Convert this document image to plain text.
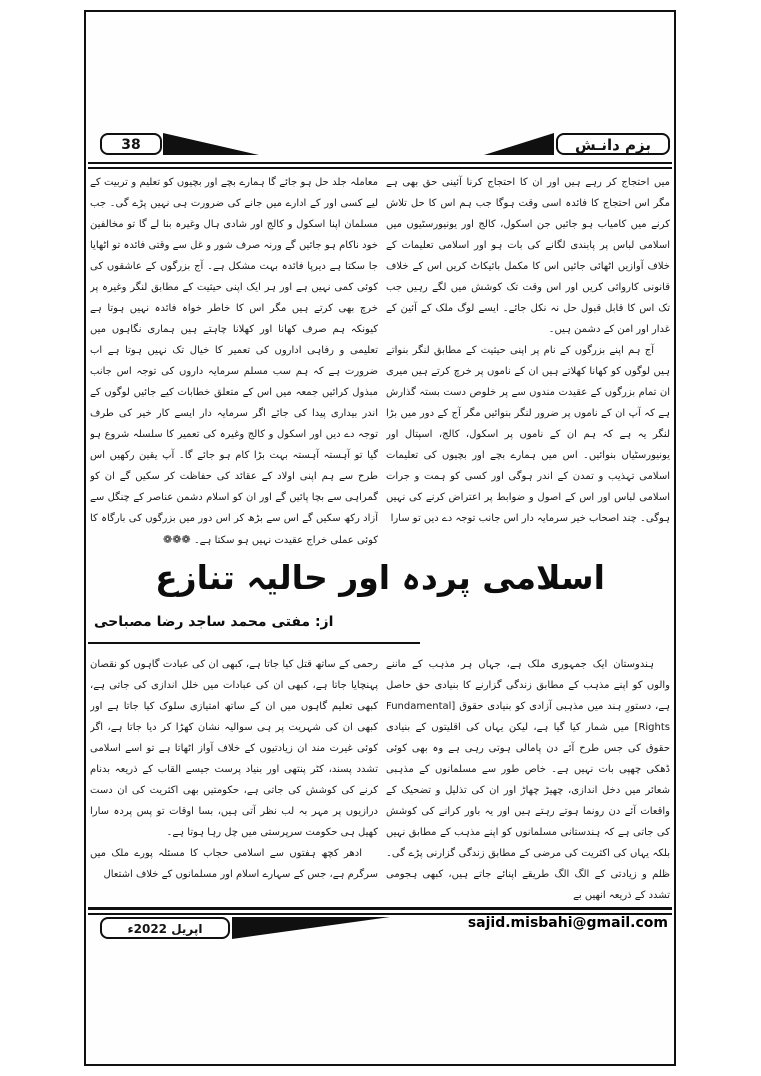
38	بزم دانـش

میں احتجاج کر رہے ہیں اور ان کا احتجاج کرنا آئینی حق بھی ہے مگر اس احتجاج کا فائدہ اسی وقت ہوگا جب ہم اس کا حل تلاش کرنے میں کامیاب ہو جائیں جن اسکول، کالج اور یونیورسٹیوں میں اسلامی لباس پر پابندی لگانے کی بات ہو اور اسلامی تعلیمات کے خلاف آوازیں اٹھائی جائیں اس کا مکمل بائیکاٹ کریں اس کے خلاف قانونی کاروائی کریں اور اس وقت تک کوشش میں لگے رہیں جب تک اس کا قابل قبول حل نہ نکل جائے۔ ایسے لوگ ملک کے آئین کے غدار اور امن کے دشمن ہیں۔

آج ہم اپنے بزرگوں کے نام پر اپنی حیثیت کے مطابق لنگر بنواتے ہیں لوگوں کو کھانا کھلاتے ہیں ان کے ناموں پر خرچ کرتے ہیں میری ان تمام بزرگوں کے عقیدت مندوں سے پر خلوص دست بستہ گذارش ہے کہ آپ ان کے ناموں پر ضرور لنگر بنوائیں مگر آج کے دور میں بڑا لنگر یہ ہے کہ ہم ان کے ناموں پر اسکول، کالج، اسپتال اور یونیورسٹیاں بنوائیں۔ اس میں ہمارے بچے اور بچیوں کی تعلیمات اسلامی تہذیب و تمدن کے اندر ہوگی اور کسی کو ہمت و جرات اسلامی لباس اور اس کے اصول و ضوابط پر اعتراض کرنے کی نہیں ہوگی۔ چند اصحاب خیر سرمایہ دار اس جانب توجہ دے دیں تو سارا

معاملہ جلد حل ہو جائے گا ہمارے بچے اور بچیوں کو تعلیم و تربیت کے لیے کسی اور کے ادارے میں جانے کی ضرورت ہی نہیں پڑے گی۔ جب مسلمان اپنا اسکول و کالج اور شادی ہال وغیرہ بنا لے گا تو مخالفین خود ناکام ہو جائیں گے ورنہ صرف شور و غل سے وقتی فائدہ تو اٹھایا جا سکتا ہے دیرپا فائدہ بہت مشکل ہے۔ آج بزرگوں کے عاشقوں کی کوئی کمی نہیں ہے اور ہر ایک اپنی حیثیت کے مطابق لنگر وغیرہ پر خرچ بھی کرتے ہیں مگر اس کا خاطر خواہ فائدہ نہیں ہوتا ہے کیونکہ ہم صرف کھانا اور کھلانا چاہتے ہیں ہماری نگاہوں میں تعلیمی و رفاہی اداروں کی تعمیر کا خیال تک نہیں ہوتا ہے اب ضرورت ہے کہ ہم سب مسلم سرمایہ داروں کی توجہ اس جانب مبذول کرائیں جمعہ میں اس کے متعلق خطابات کیے جائیں لوگوں کے اندر بیداری پیدا کی جائے اگر سرمایہ دار ایسے کار خیر کی طرف توجہ دے دیں اور اسکول و کالج وغیرہ کی تعمیر کا سلسلہ شروع ہو گیا تو آہستہ آہستہ بہت بڑا کام ہو جائے گا۔ آپ یقین رکھیں اس طرح سے ہم اپنی اولاد کے عقائد کی حفاظت کر سکیں گے ان کو گمراہی سے بچا پائیں گے اور ان کو اسلام دشمن عناصر کے چنگل سے آزاد رکھ سکیں گے اس سے بڑھ کر اس دور میں بزرگوں کی بارگاہ کا کوئی عملی خراج عقیدت نہیں ہو سکتا ہے۔ ❁❁❁

اسلامی پردہ اور حالیہ تنازع
از: مفتی محمد ساجد رضا مصباحی

ہندوستان ایک جمہوری ملک ہے، جہاں ہر مذہب کے ماننے والوں کو اپنے مذہب کے مطابق زندگی گزارنے کا بنیادی حق حاصل ہے، دستورِ ہند میں مذہبی آزادی کو بنیادی حقوق [Fundamental Rights] میں شمار کیا گیا ہے، لیکن یہاں کی اقلیتوں کے بنیادی حقوق کی جس طرح آئے دن پامالی ہوتی رہی ہے وہ بھی کوئی ڈھکی چھپی بات نہیں ہے۔ خاص طور سے مسلمانوں کے مذہبی شعائر میں دخل اندازی، چھیڑ چھاڑ اور ان کی تذلیل و تضحیک کے واقعات آئے دن رونما ہوتے رہتے ہیں اور یہ باور کرانے کی کوشش کی جاتی ہے کہ ہندستانی مسلمانوں کو اپنے مذہب کے مطابق نہیں بلکہ یہاں کی اکثریت کی مرضی کے مطابق زندگی گزارنی پڑے گی۔ ظلم و زیادتی کے الگ الگ طریقے اپنائے جاتے ہیں، کبھی ہجومی تشدد کے ذریعہ انھیں بے

رحمی کے ساتھ قتل کیا جاتا ہے، کبھی ان کی عبادت گاہوں کو نقصان پہنچایا جاتا ہے، کبھی ان کی عبادات میں خلل اندازی کی جاتی ہے، کبھی تعلیم گاہوں میں ان کے ساتھ امتیازی سلوک کیا جاتا ہے اور کبھی ان کی شہریت پر ہی سوالیہ نشان کھڑا کر دیا جاتا ہے، اگر کوئی غیرت مند ان زیادتیوں کے خلاف آواز اٹھاتا ہے تو اسے اسلامی تشدد پسند، کٹر پنتھی اور بنیاد پرست جیسے القاب کے ذریعہ بدنام کرنے کی کوشش کی جاتی ہے، حکومتیں بھی اکثریت کی ان دست درازیوں پر مہر بہ لب نظر آتی ہیں، بسا اوقات تو پس پردہ سارا کھیل ہی حکومت سرپرستی میں چل رہا ہوتا ہے۔

ادھر کچھ ہفتوں سے اسلامی حجاب کا مسئلہ پورے ملک میں سرگرم ہے، جس کے سہارے اسلام اور مسلمانوں کے خلاف اشتعال

اپریل 2022ء	sajid.misbahi@gmail.com
